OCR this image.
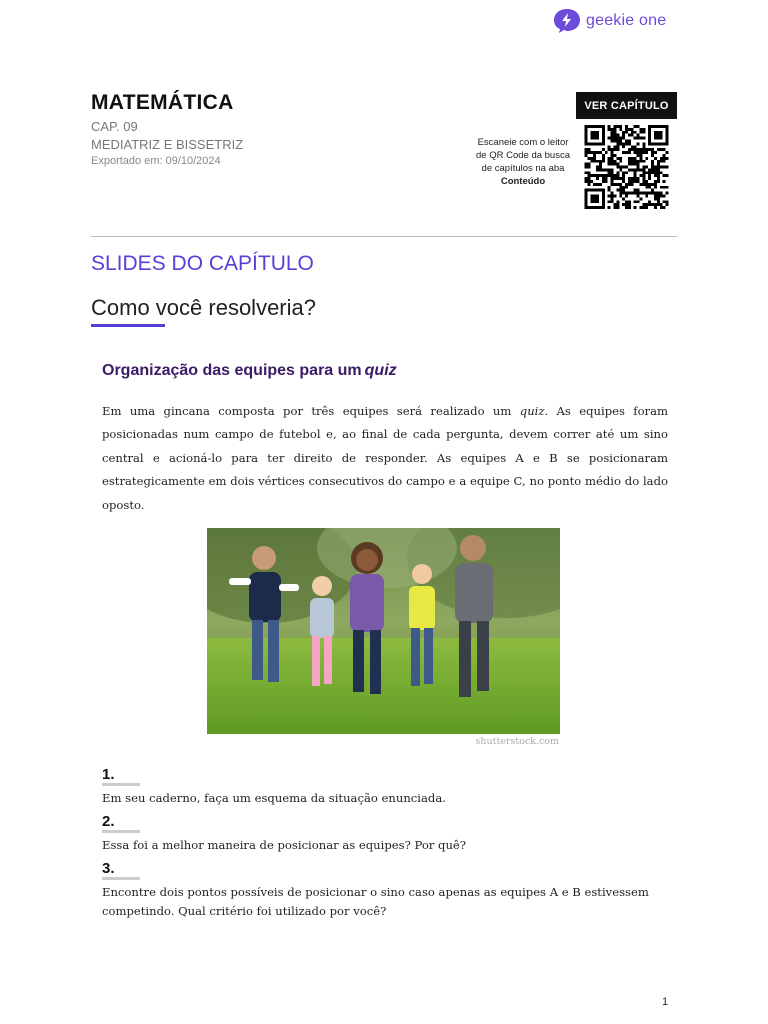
geekie one
MATEMÁTICA
CAP. 09
MEDIATRIZ E BISSETRIZ
Exportado em: 09/10/2024
VER CAPÍTULO
Escaneie com o leitor de QR Code da busca de capítulos na aba
Conteúdo
SLIDES DO CAPÍTULO
Como você resolveria?
Organização das equipes para um quiz
Em uma gincana composta por três equipes será realizado um quiz. As equipes foram posicionadas num campo de futebol e, ao final de cada pergunta, devem correr até um sino central e acioná-lo para ter direito de responder. As equipes A e B se posicionaram estrategicamente em dois vértices consecutivos do campo e a equipe C, no ponto médio do lado oposto.
shutterstock.com
1.
Em seu caderno, faça um esquema da situação enunciada.
2.
Essa foi a melhor maneira de posicionar as equipes? Por quê?
3.
Encontre dois pontos possíveis de posicionar o sino caso apenas as equipes A e B estivessem competindo. Qual critério foi utilizado por você?
1
